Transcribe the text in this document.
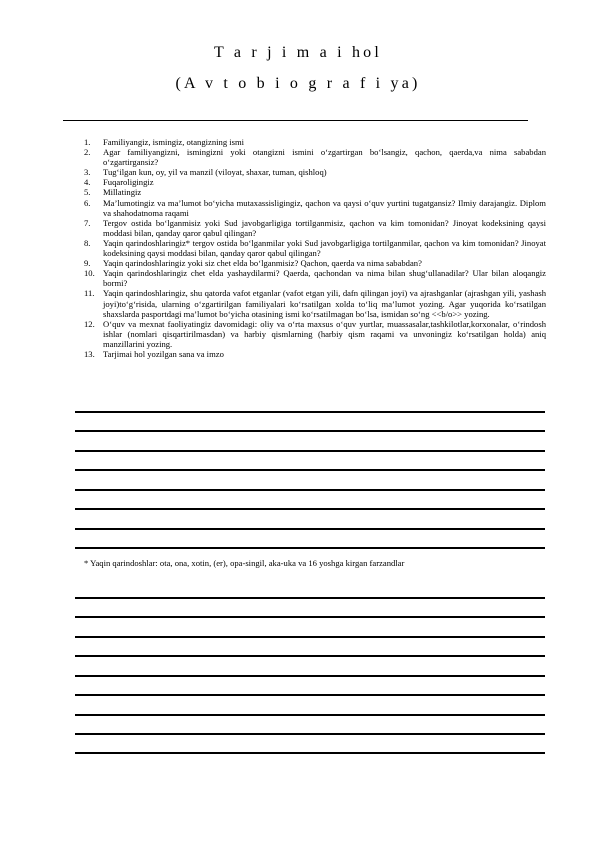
T a r j i m a i hol
(A v t o b i o g r a f i ya)
1. Familiyangiz, ismingiz, otangizning ismi
2. Agar familiyangizni, ismingizni yoki otangizni ismini o‘zgartirgan bo‘lsangiz, qachon, qaerda,va nima sababdan o‘zgartirgansiz?
3. Tug‘ilgan kun, oy, yil va manzil (viloyat, shaxar, tuman, qishloq)
4. Fuqaroligingiz
5. Millatingiz
6. Ma’lumotingiz va ma’lumot bo‘yicha mutaxassisligingiz, qachon va qaysi o‘quv yurtini tugatgansiz? Ilmiy darajangiz. Diplom va shahodatnoma raqami
7. Tergov ostida bo‘lganmisiz yoki Sud javobgarligiga tortilganmisiz, qachon va kim tomonidan? Jinoyat kodeksining qaysi moddasi bilan, qanday qaror qabul qilingan?
8. Yaqin qarindoshlaringiz* tergov ostida bo‘lganmilar yoki Sud javobgarligiga tortilganmilar, qachon va kim tomonidan? Jinoyat kodeksining qaysi moddasi bilan, qanday qaror qabul qilingan?
9. Yaqin qarindoshlaringiz yoki siz chet elda bo‘lganmisiz? Qachon, qaerda va nima sababdan?
10. Yaqin qarindoshlaringiz chet elda yashaydilarmi? Qaerda, qachondan va nima bilan shug‘ullanadilar? Ular bilan aloqangiz bormi?
11. Yaqin qarindoshlaringiz, shu qatorda vafot etganlar (vafot etgan yili, dafn qilingan joyi) va ajrashganlar (ajrashgan yili, yashash joyi)to‘g‘risida, ularning o‘zgartirilgan familiyalari ko‘rsatilgan xolda to‘liq ma’lumot yozing. Agar yuqorida ko‘rsatilgan shaxslarda pasportdagi ma’lumot bo‘yicha otasining ismi ko‘rsatilmagan bo‘lsa, ismidan so‘ng <<b/o>> yozing.
12. O‘quv va mexnat faoliyatingiz davomidagi: oliy va o‘rta maxsus o‘quv yurtlar, muassasalar,tashkilotlar,korxonalar, o‘rindosh ishlar (nomlari qisqartirilmasdan) va harbiy qismlarning (harbiy qism raqami va unvoningiz ko‘rsatilgan holda) aniq manzillarini yozing.
13. Tarjimai hol yozilgan sana va imzo
* Yaqin qarindoshlar: ota, ona, xotin, (er), opa-singil, aka-uka va 16 yoshga kirgan farzandlar
